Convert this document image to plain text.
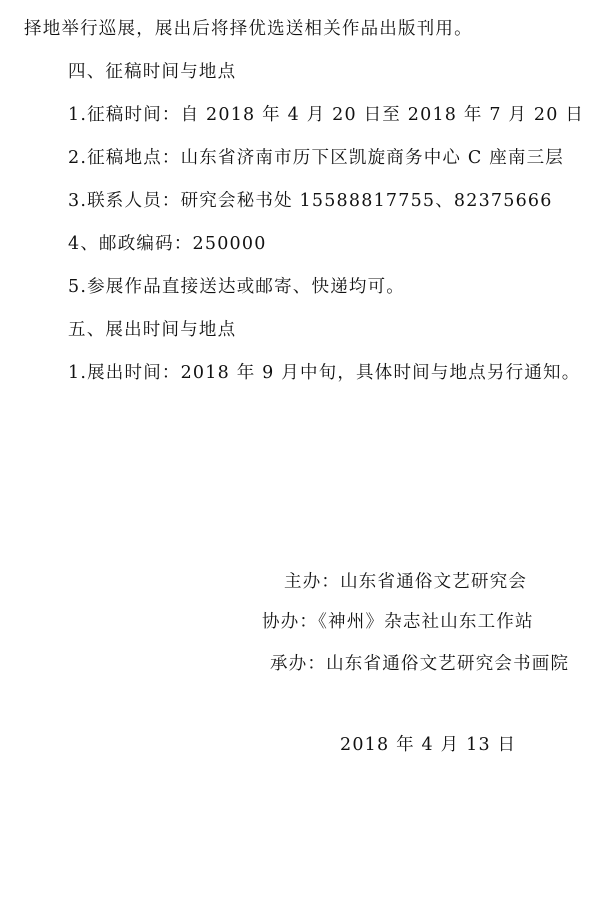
择地举行巡展，展出后将择优选送相关作品出版刊用。

四、征稿时间与地点

1.征稿时间：自 2018 年 4 月 20 日至 2018 年 7 月 20 日

2.征稿地点：山东省济南市历下区凯旋商务中心 C 座南三层

3.联系人员：研究会秘书处 15588817755、82375666

4、邮政编码：250000

5.参展作品直接送达或邮寄、快递均可。

五、展出时间与地点

1.展出时间：2018 年 9 月中旬，具体时间与地点另行通知。

主办：山东省通俗文艺研究会
协办：《神州》杂志社山东工作站
承办：山东省通俗文艺研究会书画院
2018 年 4 月 13 日
